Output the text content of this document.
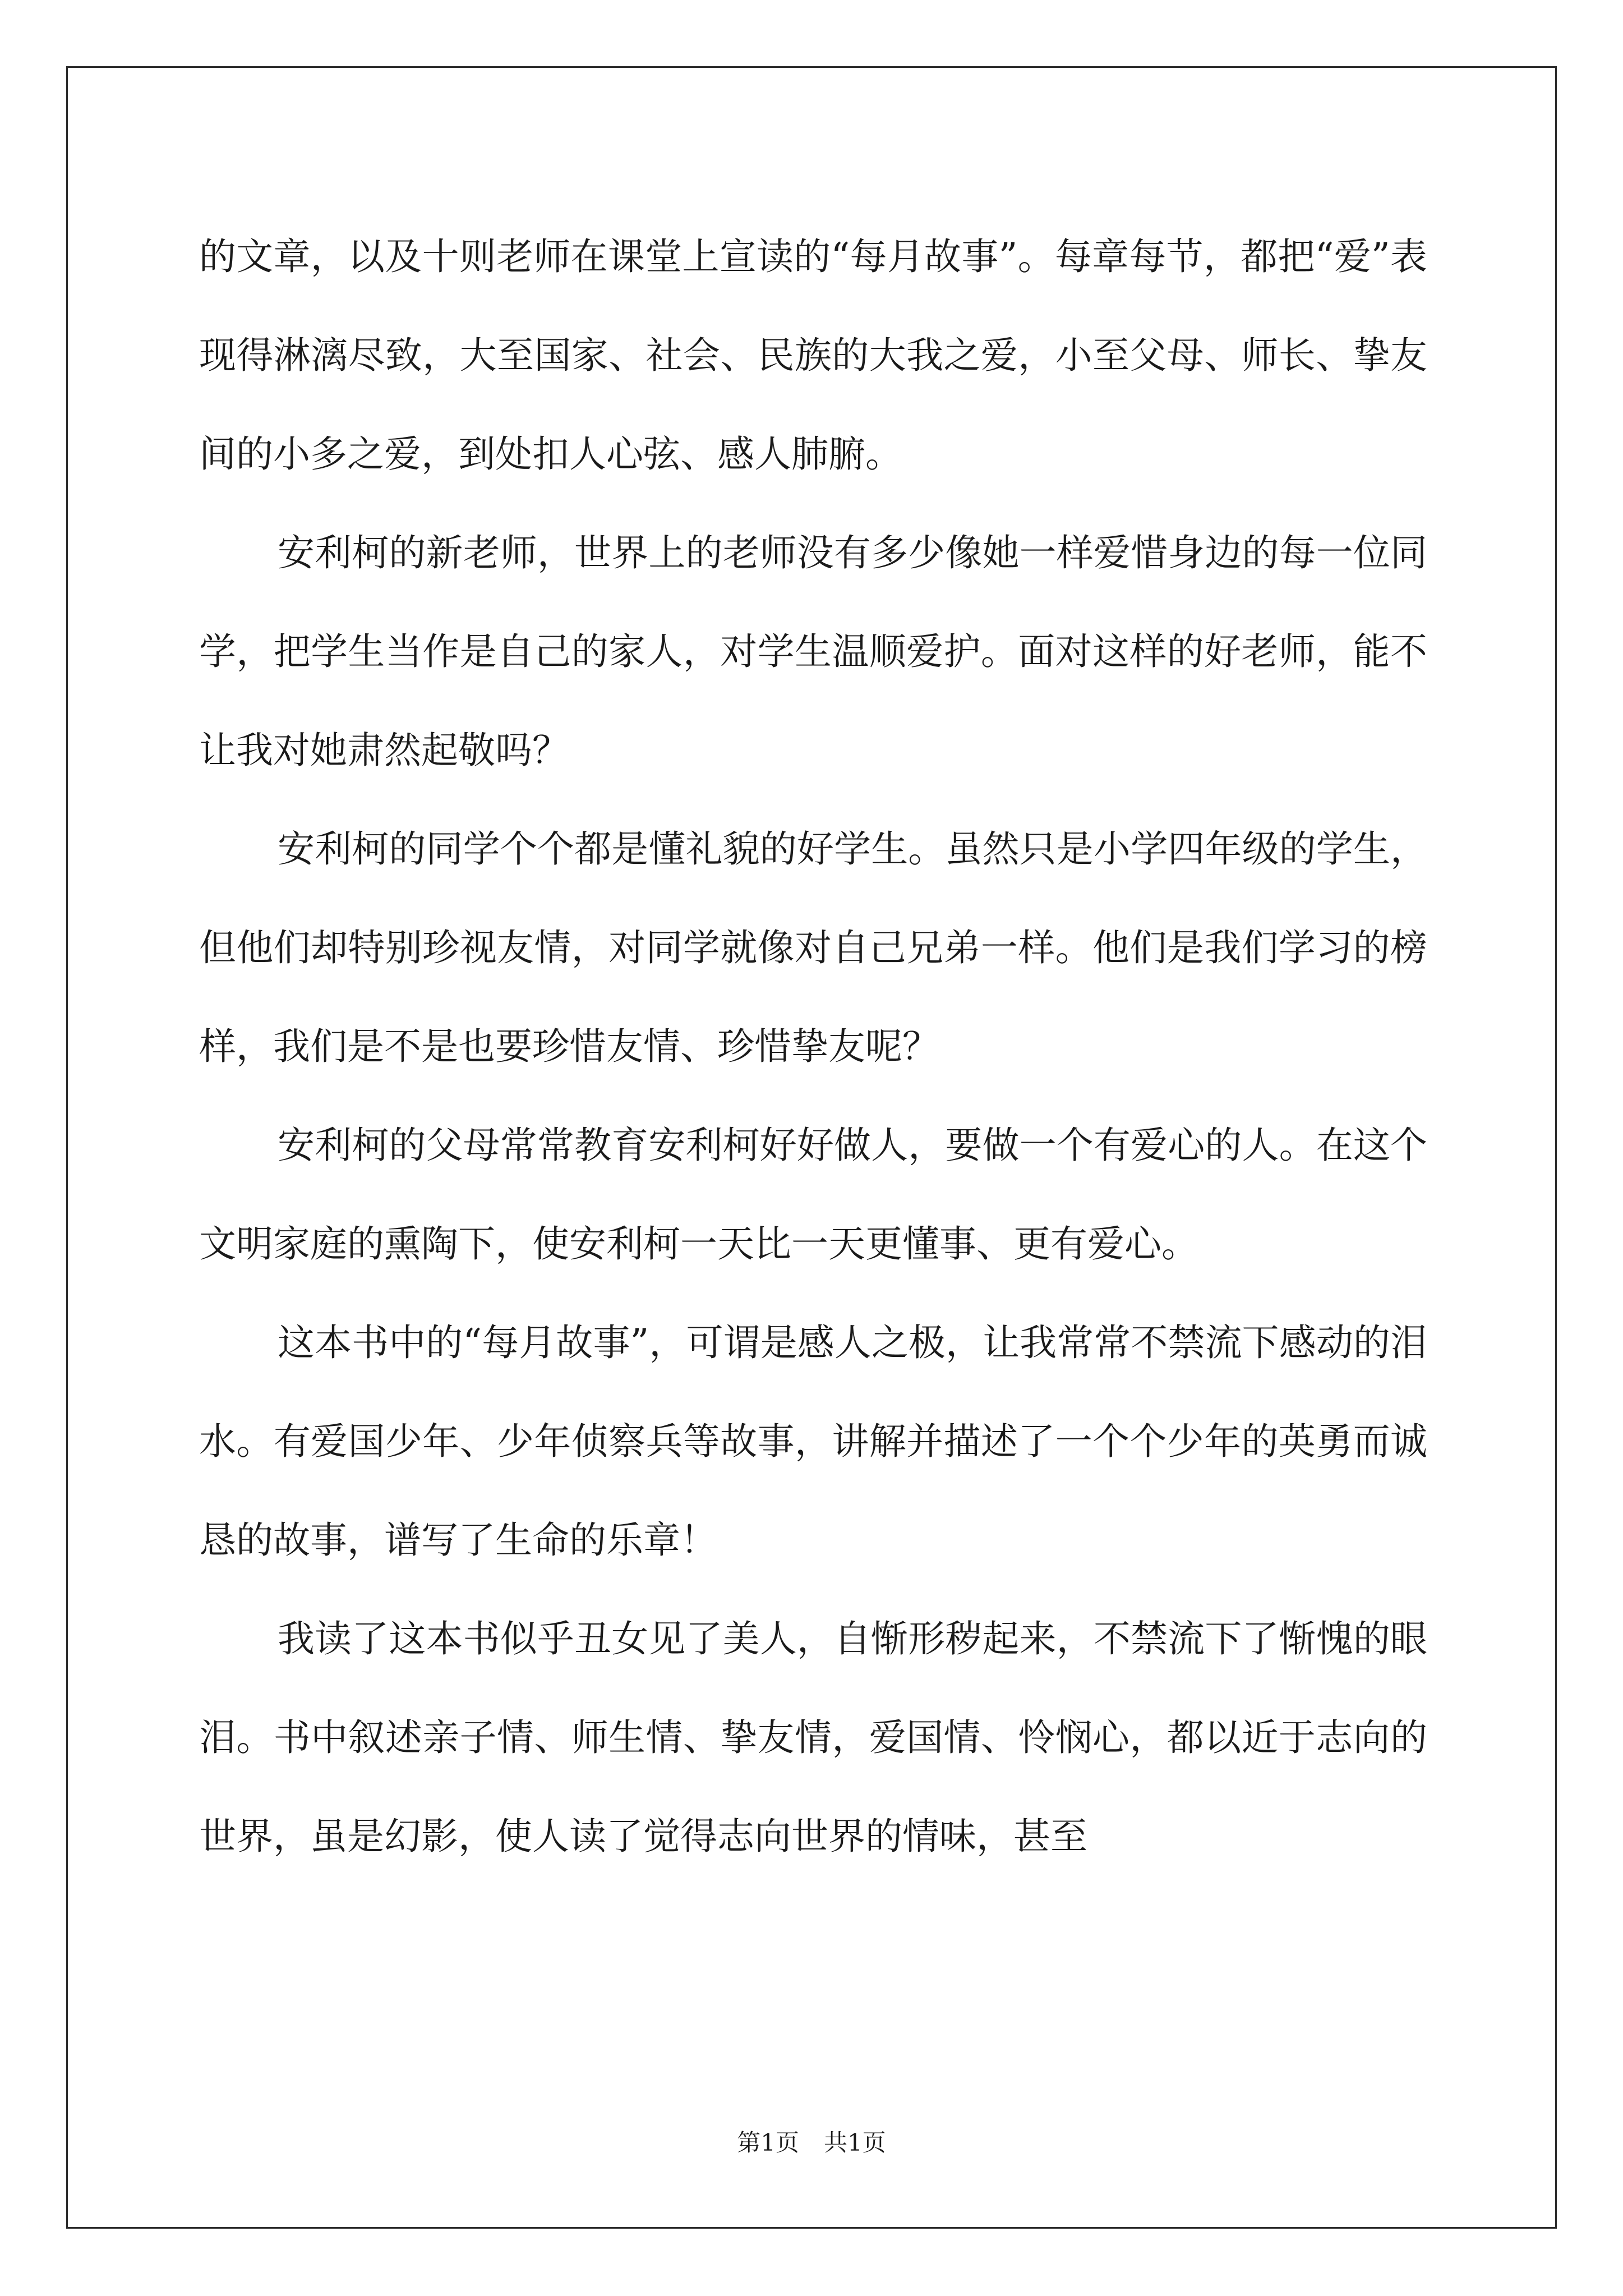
的文章，以及十则老师在课堂上宣读的“每月故事”。每章每节，都把“爱”表现得淋漓尽致，大至国家、社会、民族的大我之爱，小至父母、师长、挚友间的小多之爱，到处扣人心弦、感人肺腑。

安利柯的新老师，世界上的老师没有多少像她一样爱惜身边的每一位同学，把学生当作是自己的家人，对学生温顺爱护。面对这样的好老师，能不让我对她肃然起敬吗？

安利柯的同学个个都是懂礼貌的好学生。虽然只是小学四年级的学生，但他们却特别珍视友情，对同学就像对自己兄弟一样。他们是我们学习的榜样，我们是不是也要珍惜友情、珍惜挚友呢？

安利柯的父母常常教育安利柯好好做人，要做一个有爱心的人。在这个文明家庭的熏陶下，使安利柯一天比一天更懂事、更有爱心。

这本书中的“每月故事”，可谓是感人之极，让我常常不禁流下感动的泪水。有爱国少年、少年侦察兵等故事，讲解并描述了一个个少年的英勇而诚恳的故事，谱写了生命的乐章！

我读了这本书似乎丑女见了美人，自惭形秽起来，不禁流下了惭愧的眼泪。书中叙述亲子情、师生情、挚友情，爱国情、怜悯心，都以近于志向的世界，虽是幻影，使人读了觉得志向世界的情味，甚至

第1页 共1页
